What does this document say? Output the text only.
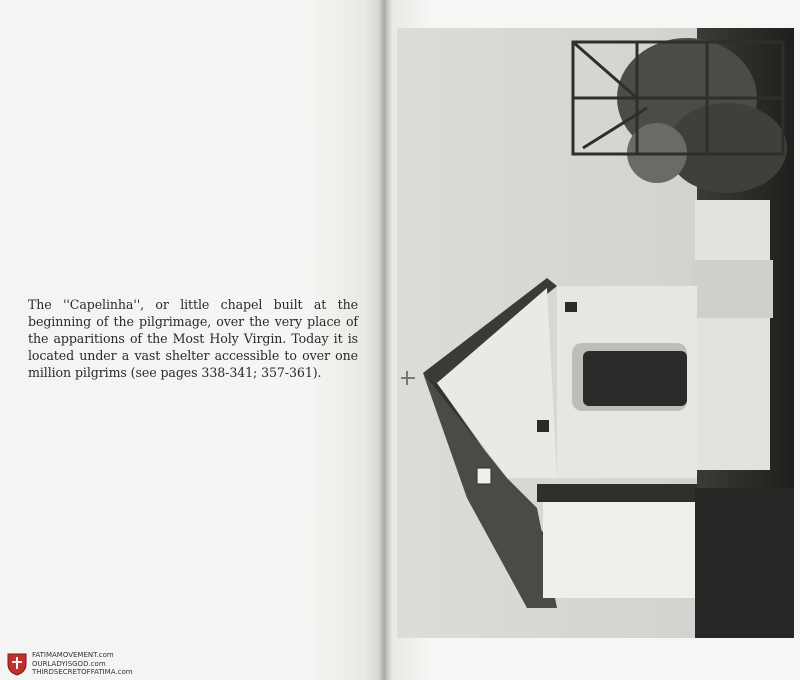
The ''Capelinha'', or little chapel built at the beginning of the pilgrimage, over the very place of the apparitions of the Most Holy Virgin. Today it is located under a vast shelter accessible to over one million pilgrims (see pages 338-341; 357-361).

FATIMAMOVEMENT.com
OURLADYISGOD.com
THIRDSECRETOFFATIMA.com
